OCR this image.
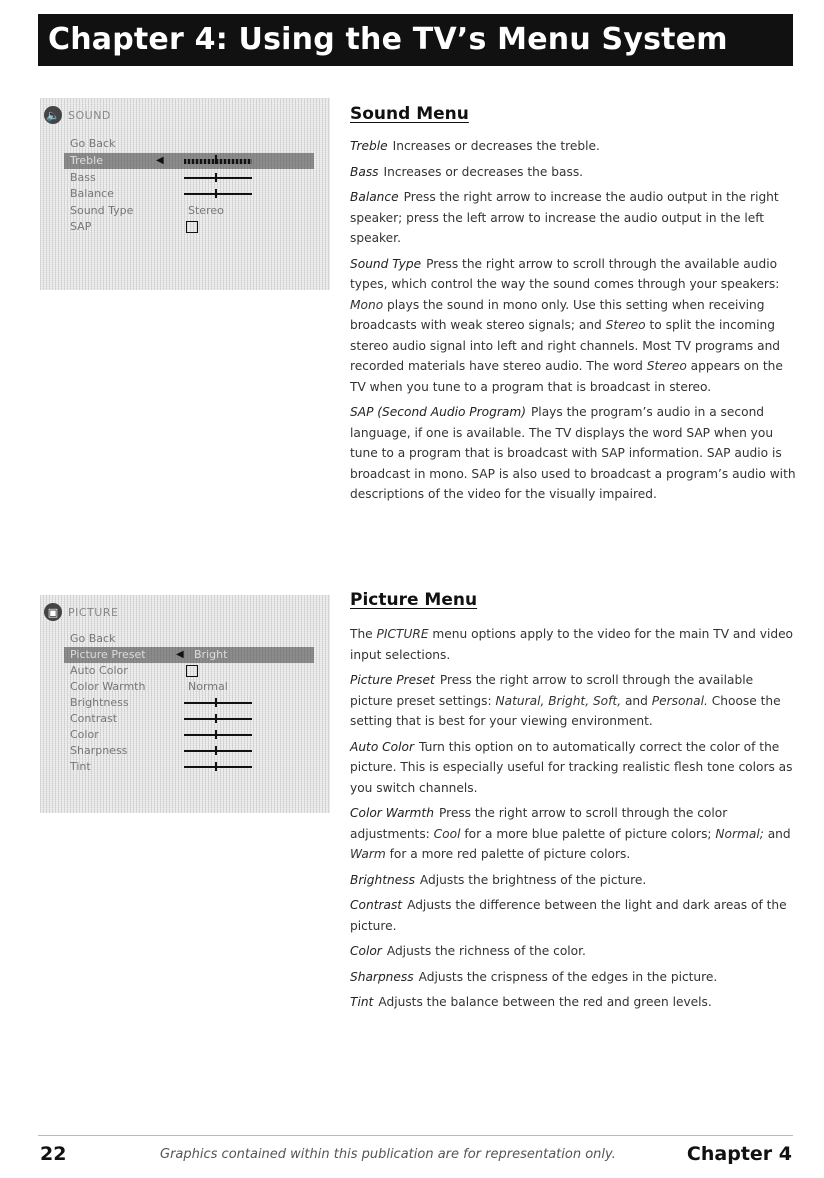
Chapter 4: Using the TV’s Menu System
🔈 SOUND
Go Back
Treble	◀
Bass
Balance
Sound Type	Stereo
SAP
Sound Menu

Treble Increases or decreases the treble.

Bass Increases or decreases the bass.

Balance Press the right arrow to increase the audio output in the right speaker; press the left arrow to increase the audio output in the left speaker.

Sound Type Press the right arrow to scroll through the available audio types, which control the way the sound comes through your speakers: Mono plays the sound in mono only. Use this setting when receiving broadcasts with weak stereo signals; and Stereo to split the incoming stereo audio signal into left and right channels. Most TV programs and recorded materials have stereo audio. The word Stereo appears on the TV when you tune to a program that is broadcast in stereo.

SAP (Second Audio Program) Plays the program’s audio in a second language, if one is available. The TV displays the word SAP when you tune to a program that is broadcast with SAP information. SAP audio is broadcast in mono. SAP is also used to broadcast a program’s audio with descriptions of the video for the visually impaired.

▣ PICTURE
Go Back
Picture Preset	◀ Bright
Auto Color
Color Warmth	Normal
Brightness
Contrast
Color
Sharpness
Tint
Picture Menu

The PICTURE menu options apply to the video for the main TV and video input selections.

Picture Preset Press the right arrow to scroll through the available picture preset settings: Natural, Bright, Soft, and Personal. Choose the setting that is best for your viewing environment.

Auto Color Turn this option on to automatically correct the color of the picture. This is especially useful for tracking realistic flesh tone colors as you switch channels.

Color Warmth Press the right arrow to scroll through the color adjustments: Cool for a more blue palette of picture colors; Normal; and Warm for a more red palette of picture colors.

Brightness Adjusts the brightness of the picture.

Contrast Adjusts the difference between the light and dark areas of the picture.

Color Adjusts the richness of the color.

Sharpness Adjusts the crispness of the edges in the picture.

Tint Adjusts the balance between the red and green levels.

22	Graphics contained within this publication are for representation only.	Chapter 4
